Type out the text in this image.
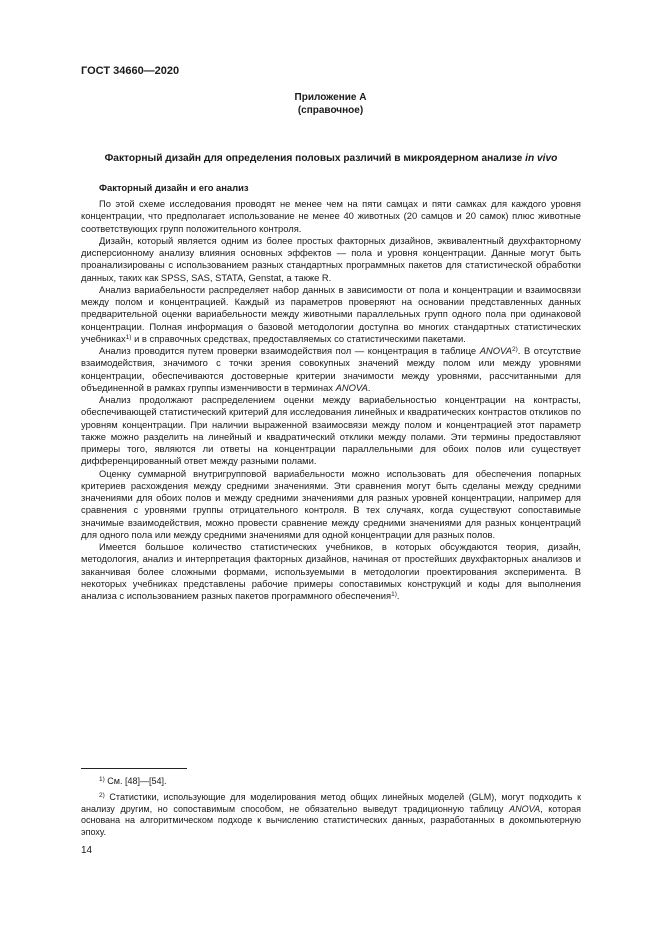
ГОСТ 34660—2020
Приложение А
(справочное)
Факторный дизайн для определения половых различий в микроядерном анализе in vivo
Факторный дизайн и его анализ

По этой схеме исследования проводят не менее чем на пяти самцах и пяти самках для каждого уровня концентрации, что предполагает использование не менее 40 животных (20 самцов и 20 самок) плюс животные соответствующих групп положительного контроля.

Дизайн, который является одним из более простых факторных дизайнов, эквивалентный двухфакторному дисперсионному анализу влияния основных эффектов — пола и уровня концентрации. Данные могут быть проанализированы с использованием разных стандартных программных пакетов для статистической обработки данных, таких как SPSS, SAS, STATA, Genstat, а также R.

Анализ вариабельности распределяет набор данных в зависимости от пола и концентрации и взаимосвязи между полом и концентрацией. Каждый из параметров проверяют на основании представленных данных предварительной оценки вариабельности между животными параллельных групп одного пола при одинаковой концентрации. Полная информация о базовой методологии доступна во многих стандартных статистических учебниках$^{1)}$ и в справочных средствах, предоставляемых со статистическими пакетами.

Анализ проводится путем проверки взаимодействия пол — концентрация в таблице ANOVA$^{2)}$. В отсутствие взаимодействия, значимого с точки зрения совокупных значений между полом или между уровнями концентрации, обеспечиваются достоверные критерии значимости между уровнями, рассчитанными для объединенной в рамках группы изменчивости в терминах ANOVA.

Анализ продолжают распределением оценки между вариабельностью концентрации на контрасты, обеспечивающей статистический критерий для исследования линейных и квадратических контрастов откликов по уровням концентрации. При наличии выраженной взаимосвязи между полом и концентрацией этот параметр также можно разделить на линейный и квадратический отклики между полами. Эти термины предоставляют примеры того, являются ли ответы на концентрации параллельными для обоих полов или существует дифференцированный ответ между разными полами.

Оценку суммарной внутригрупповой вариабельности можно использовать для обеспечения попарных критериев расхождения между средними значениями. Эти сравнения могут быть сделаны между средними значениями для обоих полов и между средними значениями для разных уровней концентрации, например для сравнения с уровнями группы отрицательного контроля. В тех случаях, когда существуют сопоставимые значимые взаимодействия, можно провести сравнение между средними значениями для разных концентраций для одного пола или между средними значениями для одной концентрации для разных полов.

Имеется большое количество статистических учебников, в которых обсуждаются теория, дизайн, методология, анализ и интерпретация факторных дизайнов, начиная от простейших двухфакторных анализов и заканчивая более сложными формами, используемыми в методологии проектирования эксперимента. В некоторых учебниках представлены рабочие примеры сопоставимых конструкций и коды для выполнения анализа с использованием разных пакетов программного обеспечения$^{1)}$.

$^{1)}$ См. [48]—[54].

$^{2)}$ Статистики, использующие для моделирования метод общих линейных моделей (GLM), могут подходить к анализу другим, но сопоставимым способом, не обязательно выведут традиционную таблицу ANOVA, которая основана на алгоритмическом подходе к вычислению статистических данных, разработанных в докомпьютерную эпоху.

14
